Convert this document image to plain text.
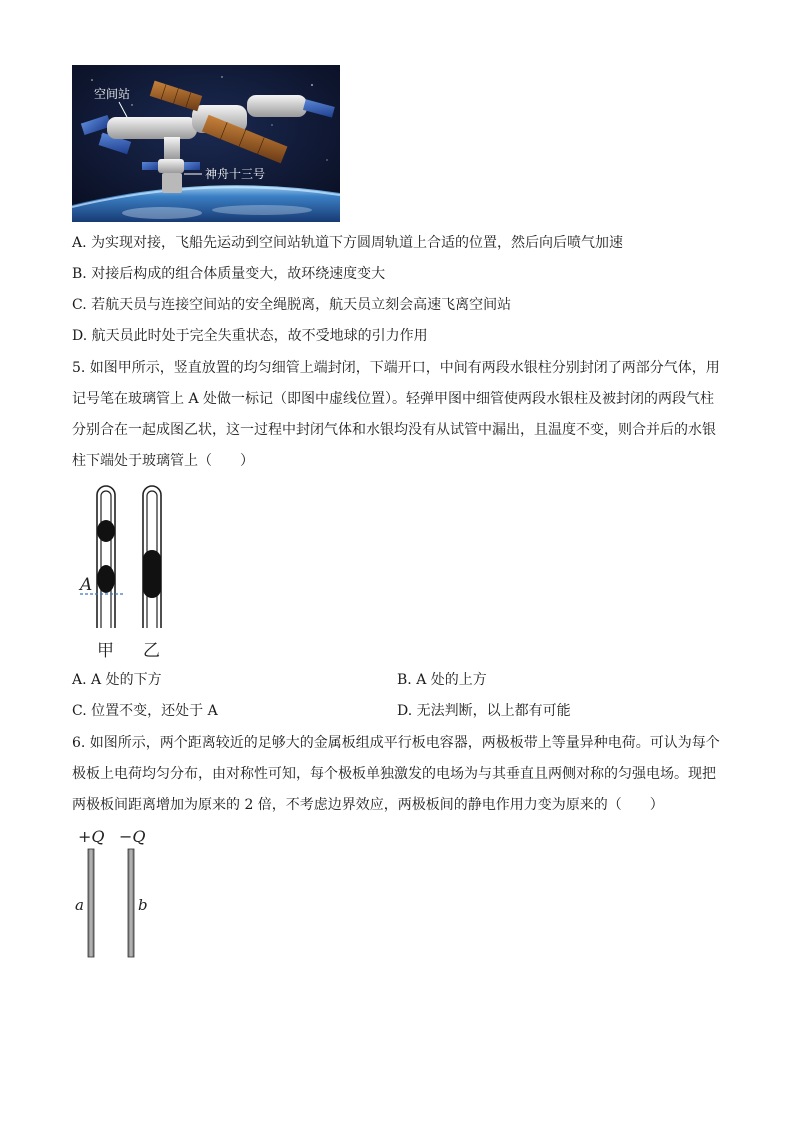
空间站
神舟十三号
A. 为实现对接，飞船先运动到空间站轨道下方圆周轨道上合适的位置，然后向后喷气加速
B. 对接后构成的组合体质量变大，故环绕速度变大
C. 若航天员与连接空间站的安全绳脱离，航天员立刻会高速飞离空间站
D. 航天员此时处于完全失重状态，故不受地球的引力作用
5. 如图甲所示，竖直放置的均匀细管上端封闭，下端开口，中间有两段水银柱分别封闭了两部分气体，用
记号笔在玻璃管上 A 处做一标记（即图中虚线位置）。轻弹甲图中细管使两段水银柱及被封闭的两段气柱
分别合在一起成图乙状，这一过程中封闭气体和水银均没有从试管中漏出，且温度不变，则合并后的水银
柱下端处于玻璃管上（　　）
A
甲 乙
A. A 处的下方	B. A 处的上方
C. 位置不变，还处于 A	D. 无法判断，以上都有可能
6. 如图所示，两个距离较近的足够大的金属板组成平行板电容器，两极板带上等量异种电荷。可认为每个
极板上电荷均匀分布，由对称性可知，每个极板单独激发的电场为与其垂直且两侧对称的匀强电场。现把
两极板间距离增加为原来的 2 倍，不考虑边界效应，两极板间的静电作用力变为原来的（　　）
+Q −Q
a	b
